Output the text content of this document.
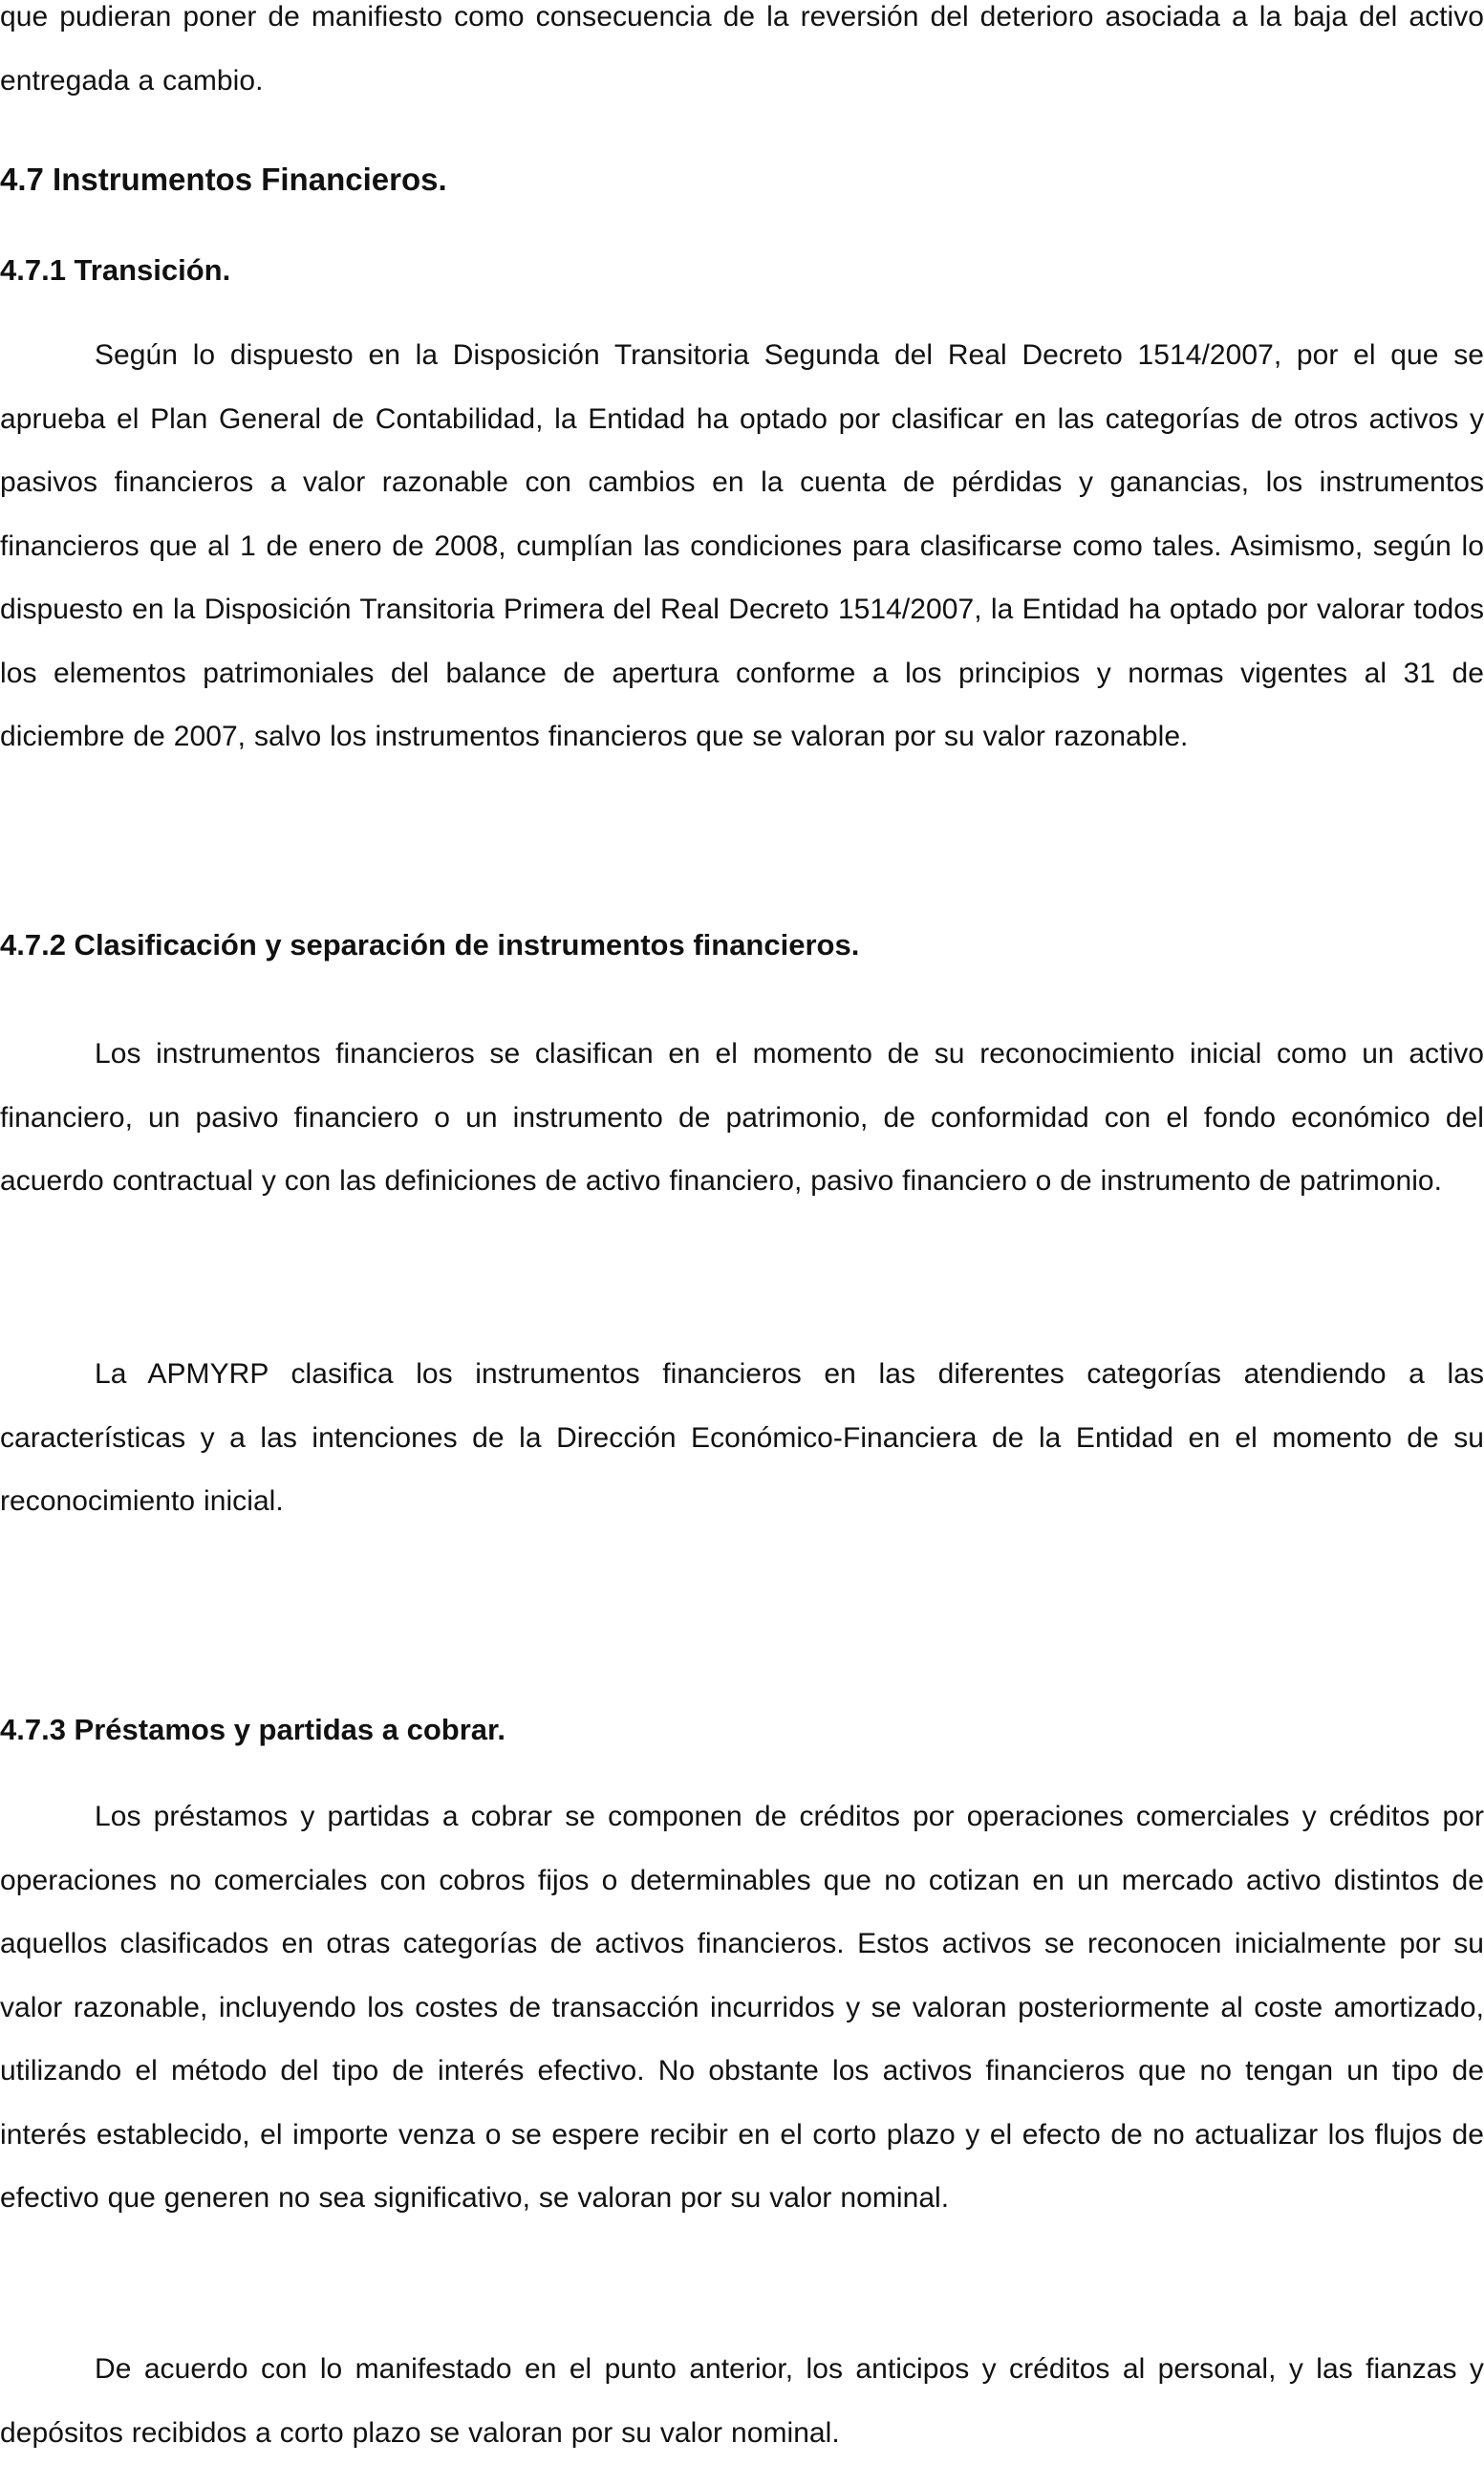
que pudieran poner de manifiesto como consecuencia de la reversión del deterioro asociada a la baja del activo entregada a cambio.

4.7 Instrumentos Financieros.
4.7.1 Transición.

Según lo dispuesto en la Disposición Transitoria Segunda del Real Decreto 1514/2007, por el que se aprueba el Plan General de Contabilidad, la Entidad ha optado por clasificar en las categorías de otros activos y pasivos financieros a valor razonable con cambios en la cuenta de pérdidas y ganancias, los instrumentos financieros que al 1 de enero de 2008, cumplían las condiciones para clasificarse como tales. Asimismo, según lo dispuesto en la Disposición Transitoria Primera del Real Decreto 1514/2007, la Entidad ha optado por valorar todos los elementos patrimoniales del balance de apertura conforme a los principios y normas vigentes al 31 de diciembre de 2007, salvo los instrumentos financieros que se valoran por su valor razonable.

4.7.2 Clasificación y separación de instrumentos financieros.

Los instrumentos financieros se clasifican en el momento de su reconocimiento inicial como un activo financiero, un pasivo financiero o un instrumento de patrimonio, de conformidad con el fondo económico del acuerdo contractual y con las definiciones de activo financiero, pasivo financiero o de instrumento de patrimonio.

La APMYRP clasifica los instrumentos financieros en las diferentes categorías atendiendo a las características y a las intenciones de la Dirección Económico-Financiera de la Entidad en el momento de su reconocimiento inicial.

4.7.3 Préstamos y partidas a cobrar.

Los préstamos y partidas a cobrar se componen de créditos por operaciones comerciales y créditos por operaciones no comerciales con cobros fijos o determinables que no cotizan en un mercado activo distintos de aquellos clasificados en otras categorías de activos financieros. Estos activos se reconocen inicialmente por su valor razonable, incluyendo los costes de transacción incurridos y se valoran posteriormente al coste amortizado, utilizando el método del tipo de interés efectivo. No obstante los activos financieros que no tengan un tipo de interés establecido, el importe venza o se espere recibir en el corto plazo y el efecto de no actualizar los flujos de efectivo que generen no sea significativo, se valoran por su valor nominal.

De acuerdo con lo manifestado en el punto anterior, los anticipos y créditos al personal, y las fianzas y depósitos recibidos a corto plazo se valoran por su valor nominal.
